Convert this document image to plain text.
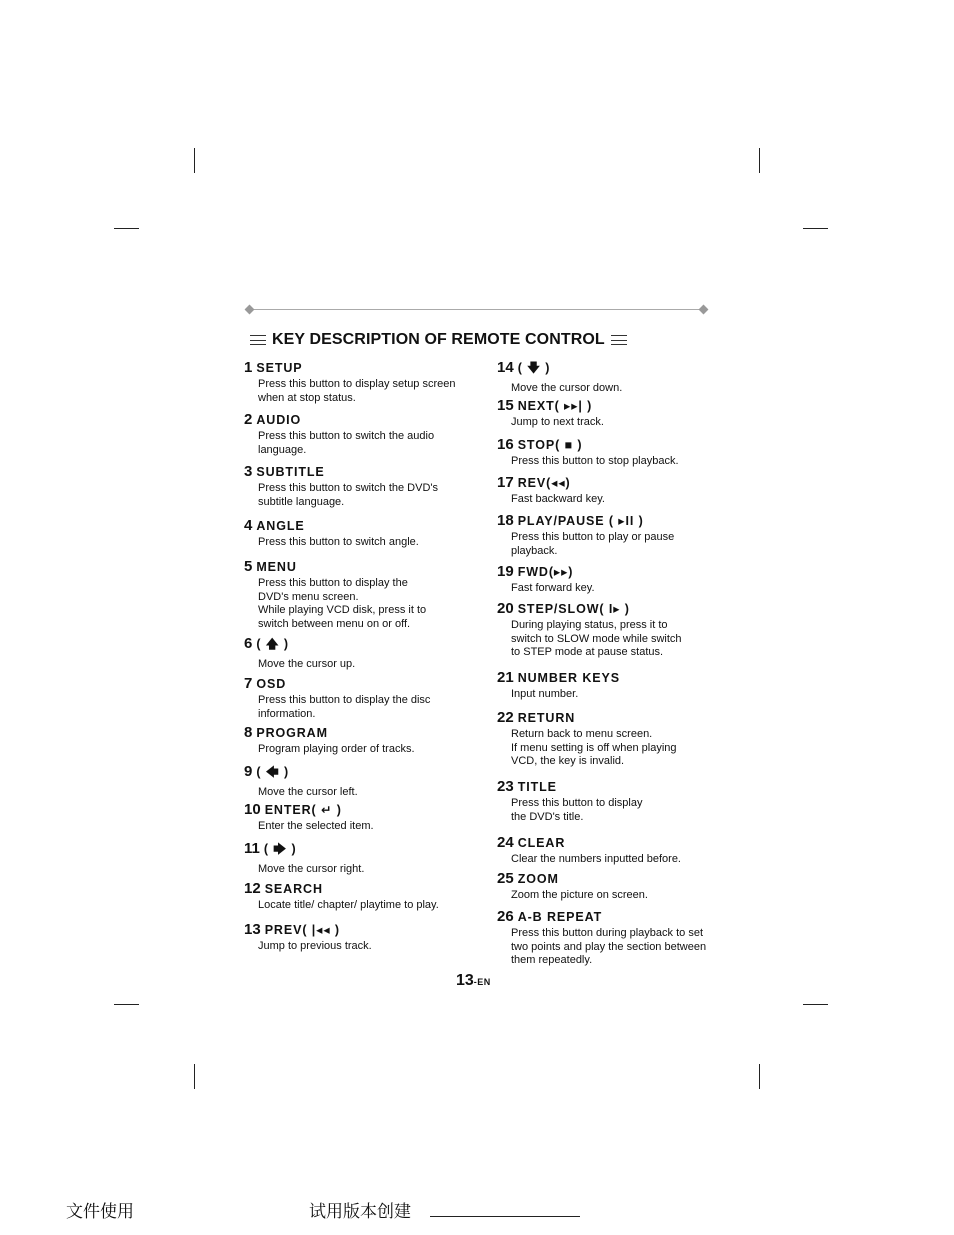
KEY DESCRIPTION OF REMOTE CONTROL
1 SETUP
Press this button to display setup screen
when at stop status.
2 AUDIO
Press this button to switch the audio
language.
3 SUBTITLE
Press this button to switch the DVD's
subtitle language.
4 ANGLE
Press this button to switch angle.
5 MENU
Press this button to display the
DVD's menu screen.
While playing VCD disk, press it to
switch between menu on or off.
6 ( 🡅 )
Move the cursor up.
7 OSD
Press this button to display the disc
information.
8 PROGRAM
Program playing order of tracks.
9 ( 🡄 )
Move the cursor left.
10 ENTER( ↵ )
Enter the selected item.
11 ( 🡆 )
Move the cursor right.
12 SEARCH
Locate title/ chapter/ playtime to play.
13 PREV( |◂◂ )
Jump to previous track.
14 ( 🡇 )
Move the cursor down.
15 NEXT( ▸▸| )
Jump to next track.
16 STOP( ■ )
Press this button to stop playback.
17 REV(◂◂)
Fast backward key.
18 PLAY/PAUSE ( ▸II )
Press this button to play or pause
playback.
19 FWD(▸▸)
Fast forward key.
20 STEP/SLOW( I▸ )
During playing status, press it to
switch to SLOW mode while switch
to STEP mode at pause status.
21 NUMBER KEYS
Input number.
22 RETURN
Return back to menu screen.
If menu setting is off when playing
VCD, the key is invalid.
23 TITLE
Press this button to display
the DVD's title.
24 CLEAR
Clear the numbers inputted before.
25 ZOOM
Zoom the picture on screen.
26 A-B REPEAT
Press this button during playback to set
two points and play the section between
them repeatedly.
13-EN
文件使用	试用版本创建
